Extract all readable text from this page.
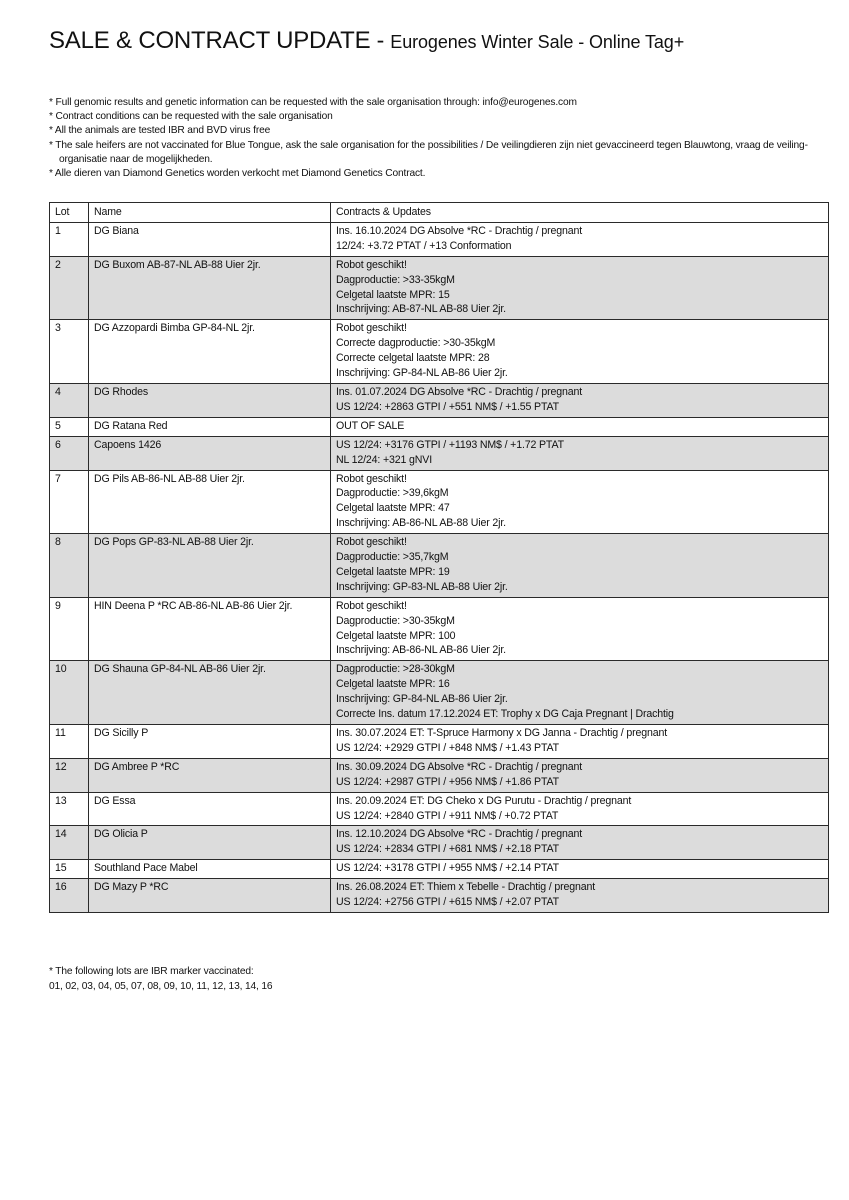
SALE & CONTRACT UPDATE - Eurogenes Winter Sale - Online Tag+

* Full genomic results and genetic information can be requested with the sale organisation through: info@eurogenes.com

* Contract conditions can be requested with the sale organisation

* All the animals are tested IBR and BVD virus free

* The sale heifers are not vaccinated for Blue Tongue, ask the sale organisation for the possibilities / De veilingdieren zijn niet gevaccineerd tegen Blauwtong, vraag de veiling-

organisatie naar de mogelijkheden.

* Alle dieren van Diamond Genetics worden verkocht met Diamond Genetics Contract.

Lot	Name	Contracts & Updates
1	DG Biana	Ins. 16.10.2024 DG Absolve *RC - Drachtig / pregnant
12/24: +3.72 PTAT / +13 Conformation

2	DG Buxom AB-87-NL AB-88 Uier 2jr.	Robot geschikt!
Dagproductie: >33-35kgM
Celgetal laatste MPR: 15
Inschrijving: AB-87-NL AB-88 Uier 2jr.

3	DG Azzopardi Bimba GP-84-NL 2jr.	Robot geschikt!
Correcte dagproductie: >30-35kgM
Correcte celgetal laatste MPR: 28
Inschrijving: GP-84-NL AB-86 Uier 2jr.

4	DG Rhodes	Ins. 01.07.2024 DG Absolve *RC - Drachtig / pregnant
US 12/24: +2863 GTPI / +551 NM$ / +1.55 PTAT

5	DG Ratana Red	OUT OF SALE

6	Capoens 1426	US 12/24: +3176 GTPI / +1193 NM$ / +1.72 PTAT
NL 12/24: +321 gNVI

7	DG Pils AB-86-NL AB-88 Uier 2jr.	Robot geschikt!
Dagproductie: >39,6kgM
Celgetal laatste MPR: 47
Inschrijving: AB-86-NL AB-88 Uier 2jr.

8	DG Pops GP-83-NL AB-88 Uier 2jr.	Robot geschikt!
Dagproductie: >35,7kgM
Celgetal laatste MPR: 19
Inschrijving: GP-83-NL AB-88 Uier 2jr.

9	HIN Deena P *RC AB-86-NL AB-86 Uier 2jr.	Robot geschikt!
Dagproductie: >30-35kgM
Celgetal laatste MPR: 100
Inschrijving: AB-86-NL AB-86 Uier 2jr.

10	DG Shauna GP-84-NL AB-86 Uier 2jr.	Dagproductie: >28-30kgM
Celgetal laatste MPR: 16
Inschrijving: GP-84-NL AB-86 Uier 2jr.
Correcte Ins. datum 17.12.2024 ET: Trophy x DG Caja Pregnant | Drachtig

11	DG Sicilly P	Ins. 30.07.2024 ET: T-Spruce Harmony x DG Janna - Drachtig / pregnant
US 12/24: +2929 GTPI / +848 NM$ / +1.43 PTAT

12	DG Ambree P *RC	Ins. 30.09.2024 DG Absolve *RC - Drachtig / pregnant
US 12/24: +2987 GTPI / +956 NM$ / +1.86 PTAT

13	DG Essa	Ins. 20.09.2024 ET: DG Cheko x DG Purutu - Drachtig / pregnant
US 12/24: +2840 GTPI / +911 NM$ / +0.72 PTAT

14	DG Olicia P	Ins. 12.10.2024 DG Absolve *RC - Drachtig / pregnant
US 12/24: +2834 GTPI / +681 NM$ / +2.18 PTAT

15	Southland Pace Mabel	US 12/24: +3178 GTPI / +955 NM$ / +2.14 PTAT

16	DG Mazy P *RC	Ins. 26.08.2024 ET: Thiem x Tebelle - Drachtig / pregnant
US 12/24: +2756 GTPI / +615 NM$ / +2.07 PTAT
* The following lots are IBR marker vaccinated:
01, 02, 03, 04, 05, 07, 08, 09, 10, 11, 12, 13, 14, 16
